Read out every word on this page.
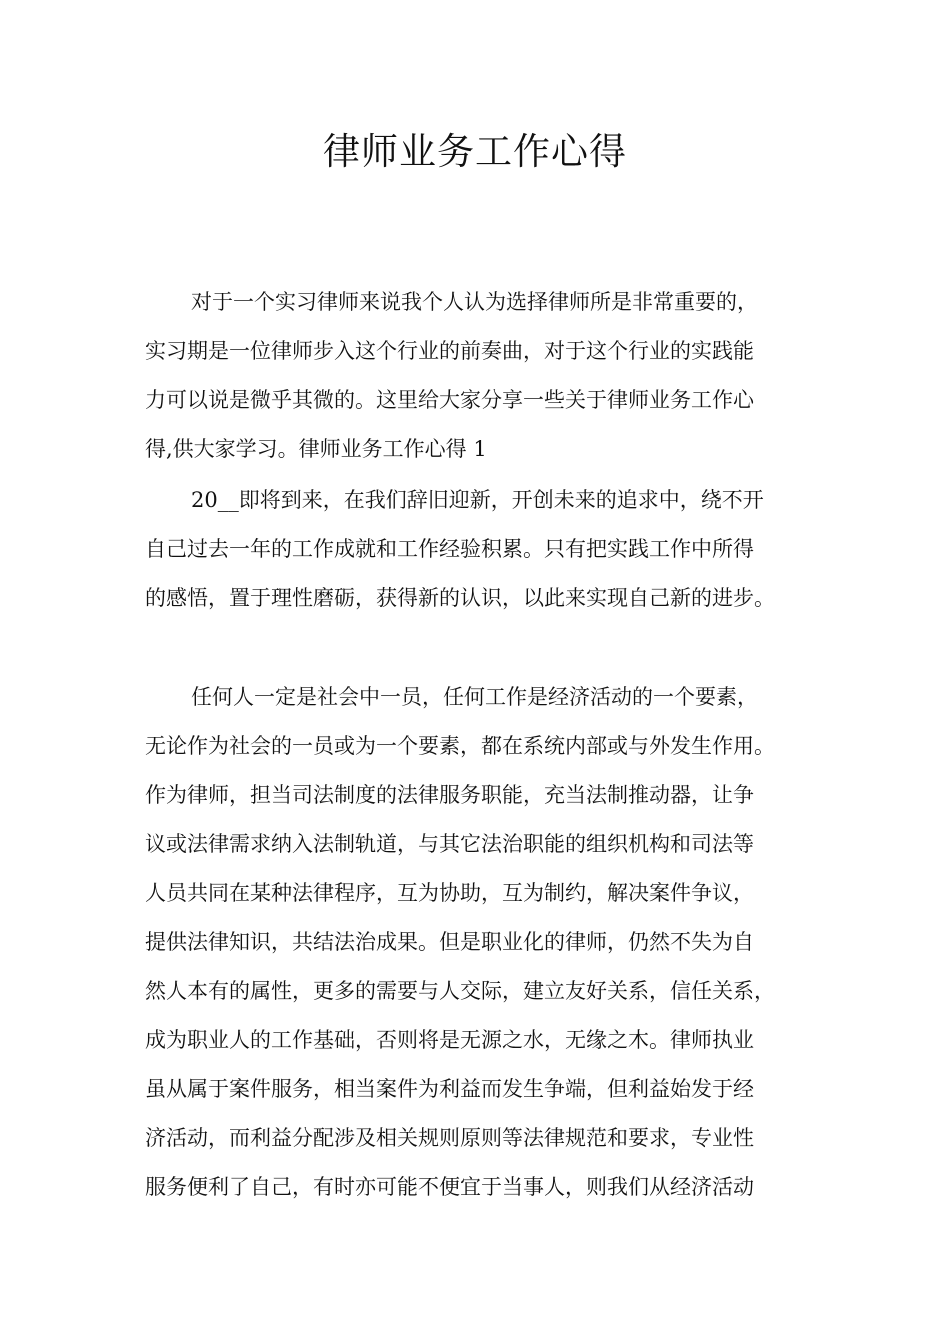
律师业务工作心得
对于一个实习律师来说我个人认为选择律师所是非常重要的，
实习期是一位律师步入这个行业的前奏曲，对于这个行业的实践能
力可以说是微乎其微的。这里给大家分享一些关于律师业务工作心
得,供大家学习。律师业务工作心得 1
20__即将到来，在我们辞旧迎新，开创未来的追求中，绕不开
自己过去一年的工作成就和工作经验积累。只有把实践工作中所得
的感悟，置于理性磨砺，获得新的认识，以此来实现自己新的进步。
任何人一定是社会中一员，任何工作是经济活动的一个要素，
无论作为社会的一员或为一个要素，都在系统内部或与外发生作用。
作为律师，担当司法制度的法律服务职能，充当法制推动器，让争
议或法律需求纳入法制轨道，与其它法治职能的组织机构和司法等
人员共同在某种法律程序，互为协助，互为制约，解决案件争议，
提供法律知识，共结法治成果。但是职业化的律师，仍然不失为自
然人本有的属性，更多的需要与人交际，建立友好关系，信任关系，
成为职业人的工作基础，否则将是无源之水，无缘之木。律师执业
虽从属于案件服务，相当案件为利益而发生争端，但利益始发于经
济活动，而利益分配涉及相关规则原则等法律规范和要求，专业性
服务便利了自己，有时亦可能不便宜于当事人，则我们从经济活动
